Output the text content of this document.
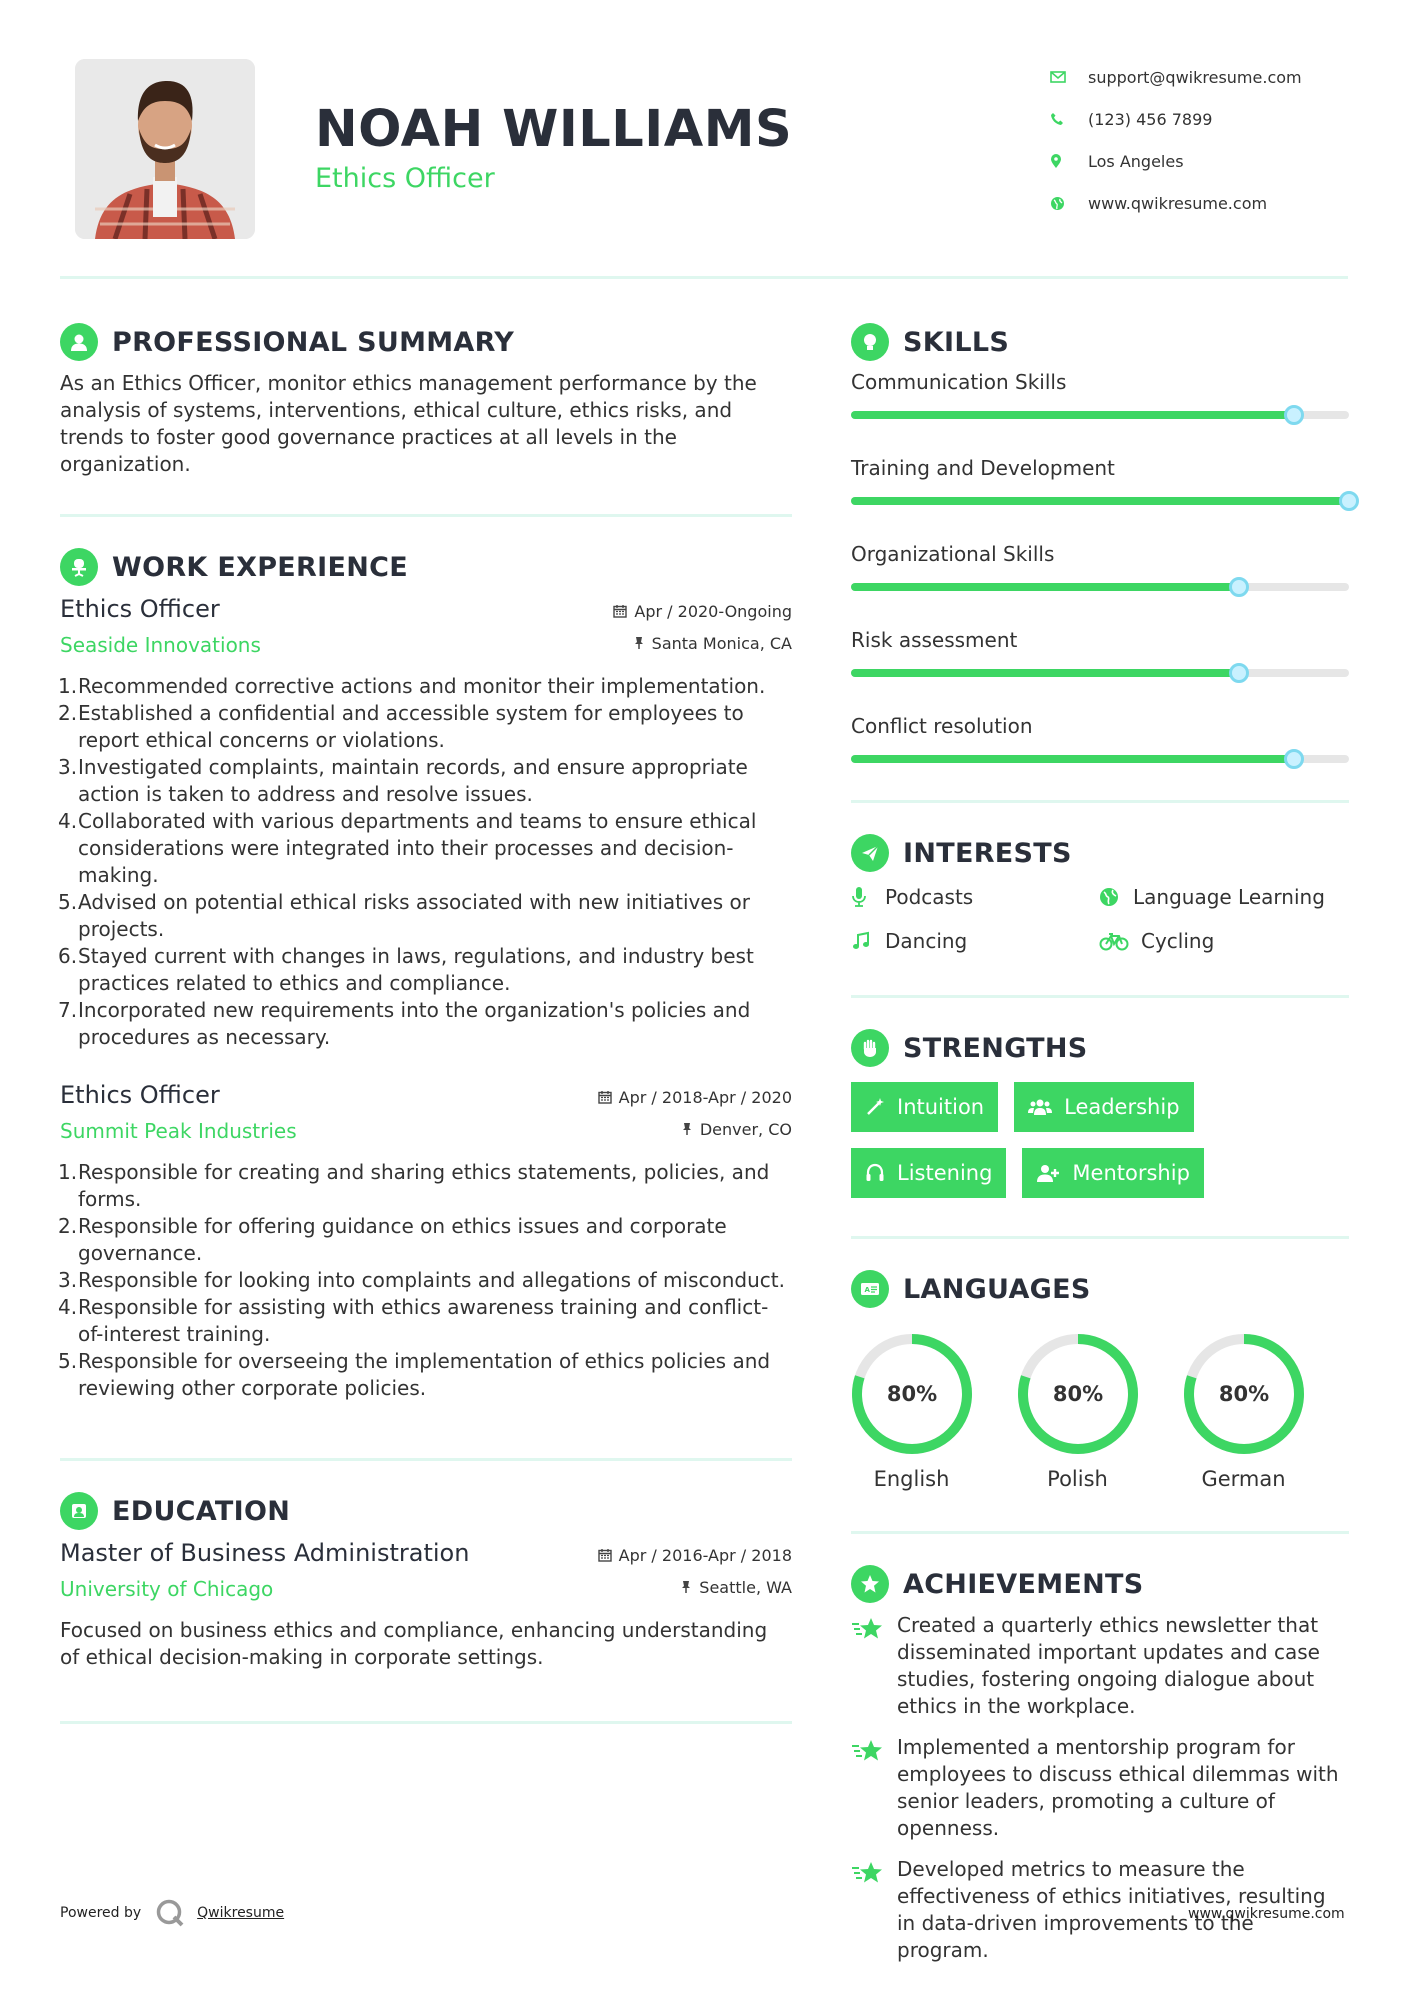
NOAH WILLIAMS
Ethics Officer
support@qwikresume.com
(123) 456 7899
Los Angeles
www.qwikresume.com
PROFESSIONAL SUMMARY

As an Ethics Officer, monitor ethics management performance by the analysis of systems, interventions, ethical culture, ethics risks, and trends to foster good governance practices at all levels in the organization.

WORK EXPERIENCE
Ethics Officer
Seaside Innovations
Apr / 2020-Ongoing
Santa Monica, CA
1. Recommended corrective actions and monitor their implementation.
2. Established a confidential and accessible system for employees to report ethical concerns or violations.
3. Investigated complaints, maintain records, and ensure appropriate action is taken to address and resolve issues.
4. Collaborated with various departments and teams to ensure ethical considerations were integrated into their processes and decision-making.
5. Advised on potential ethical risks associated with new initiatives or projects.
6. Stayed current with changes in laws, regulations, and industry best practices related to ethics and compliance.
7. Incorporated new requirements into the organization's policies and procedures as necessary.
Ethics Officer
Summit Peak Industries
Apr / 2018-Apr / 2020
Denver, CO
1. Responsible for creating and sharing ethics statements, policies, and forms.
2. Responsible for offering guidance on ethics issues and corporate governance.
3. Responsible for looking into complaints and allegations of misconduct.
4. Responsible for assisting with ethics awareness training and conflict-of-interest training.
5. Responsible for overseeing the implementation of ethics policies and reviewing other corporate policies.
EDUCATION
Master of Business Administration
University of Chicago
Apr / 2016-Apr / 2018
Seattle, WA

Focused on business ethics and compliance, enhancing understanding of ethical decision-making in corporate settings.

SKILLS
Communication Skills
Training and Development
Organizational Skills
Risk assessment
Conflict resolution
INTERESTS
Podcasts	Language Learning
Dancing	Cycling
STRENGTHS
Intuition	Leadership
Listening	Mentorship
A LANGUAGES
80%
English
80%
Polish
80%
German
ACHIEVEMENTS
Created a quarterly ethics newsletter that disseminated important updates and case studies, fostering ongoing dialogue about ethics in the workplace.
Implemented a mentorship program for employees to discuss ethical dilemmas with senior leaders, promoting a culture of openness.
Developed metrics to measure the effectiveness of ethics initiatives, resulting in data-driven improvements to the program.
Powered by	Qwikresume	www.qwikresume.com
